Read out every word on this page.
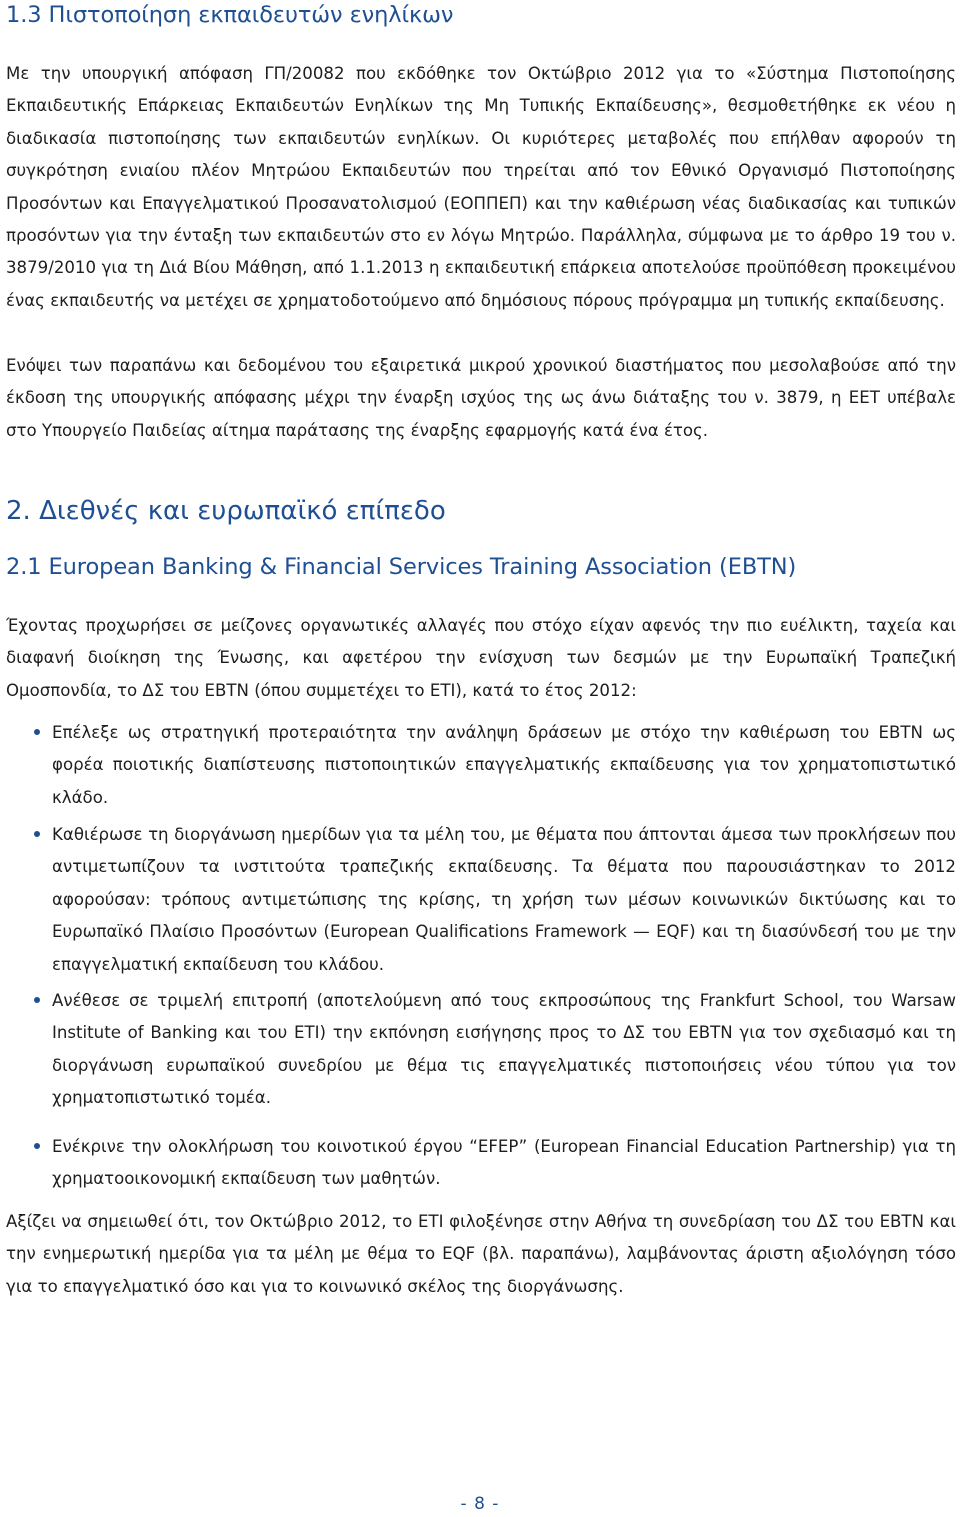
1.3 Πιστοποίηση εκπαιδευτών ενηλίκων

Με την υπουργική απόφαση ΓΠ/20082 που εκδόθηκε τον Οκτώβριο 2012 για το «Σύστημα Πιστοποίησης Εκπαιδευτικής Επάρκειας Εκπαιδευτών Ενηλίκων της Μη Τυπικής Εκπαίδευσης», θεσμοθετήθηκε εκ νέου η διαδικασία πιστοποίησης των εκπαιδευτών ενηλίκων. Οι κυριότερες μεταβολές που επήλθαν αφορούν τη συγκρότηση ενιαίου πλέον Μητρώου Εκπαιδευτών που τηρείται από τον Εθνικό Οργανισμό Πιστοποίησης Προσόντων και Επαγγελματικού Προσανατολισμού (ΕΟΠΠΕΠ) και την καθιέρωση νέας διαδικασίας και τυπικών προσόντων για την ένταξη των εκπαιδευτών στο εν λόγω Μητρώο. Παράλληλα, σύμφωνα με το άρθρο 19 του ν. 3879/2010 για τη Διά Βίου Μάθηση, από 1.1.2013 η εκπαιδευτική επάρκεια αποτελούσε προϋπόθεση προκειμένου ένας εκπαιδευτής να μετέχει σε χρηματοδοτούμενο από δημόσιους πόρους πρόγραμμα μη τυπικής εκπαίδευσης.

Ενόψει των παραπάνω και δεδομένου του εξαιρετικά μικρού χρονικού διαστήματος που μεσολαβούσε από την έκδοση της υπουργικής απόφασης μέχρι την έναρξη ισχύος της ως άνω διάταξης του ν. 3879, η ΕΕΤ υπέβαλε στο Υπουργείο Παιδείας αίτημα παράτασης της έναρξης εφαρμογής κατά ένα έτος.

2. Διεθνές και ευρωπαϊκό επίπεδο
2.1 European Banking & Financial Services Training Association (EBTN)

Έχοντας προχωρήσει σε μείζονες οργανωτικές αλλαγές που στόχο είχαν αφενός την πιο ευέλικτη, ταχεία και διαφανή διοίκηση της Ένωσης, και αφετέρου την ενίσχυση των δεσμών με την Ευρωπαϊκή Τραπεζική Ομοσπονδία, το ΔΣ του EBTN (όπου συμμετέχει το ΕΤΙ), κατά το έτος 2012:

Επέλεξε ως στρατηγική προτεραιότητα την ανάληψη δράσεων με στόχο την καθιέρωση του EBTN ως φορέα ποιοτικής διαπίστευσης πιστοποιητικών επαγγελματικής εκπαίδευσης για τον χρηματοπιστωτικό κλάδο.

Καθιέρωσε τη διοργάνωση ημερίδων για τα μέλη του, με θέματα που άπτονται άμεσα των προκλήσεων που αντιμετωπίζουν τα ινστιτούτα τραπεζικής εκπαίδευσης. Τα θέματα που παρουσιάστηκαν το 2012 αφορούσαν: τρόπους αντιμετώπισης της κρίσης, τη χρήση των μέσων κοινωνικών δικτύωσης και το Ευρωπαϊκό Πλαίσιο Προσόντων (European Qualifications Framework — EQF) και τη διασύνδεσή του με την επαγγελματική εκπαίδευση του κλάδου.

Ανέθεσε σε τριμελή επιτροπή (αποτελούμενη από τους εκπροσώπους της Frankfurt School, του Warsaw Institute of Banking και του ΕΤΙ) την εκπόνηση εισήγησης προς το ΔΣ του EBTN για τον σχεδιασμό και τη διοργάνωση ευρωπαϊκού συνεδρίου με θέμα τις επαγγελματικές πιστοποιήσεις νέου τύπου για τον χρηματοπιστωτικό τομέα.

Ενέκρινε την ολοκλήρωση του κοινοτικού έργου “EFEP” (European Financial Education Partnership) για τη χρηματοοικονομική εκπαίδευση των μαθητών.

Αξίζει να σημειωθεί ότι, τον Οκτώβριο 2012, το ΕΤΙ φιλοξένησε στην Αθήνα τη συνεδρίαση του ΔΣ του EBTN και την ενημερωτική ημερίδα για τα μέλη με θέμα το EQF (βλ. παραπάνω), λαμβάνοντας άριστη αξιολόγηση τόσο για το επαγγελματικό όσο και για το κοινωνικό σκέλος της διοργάνωσης.

- 8 -
